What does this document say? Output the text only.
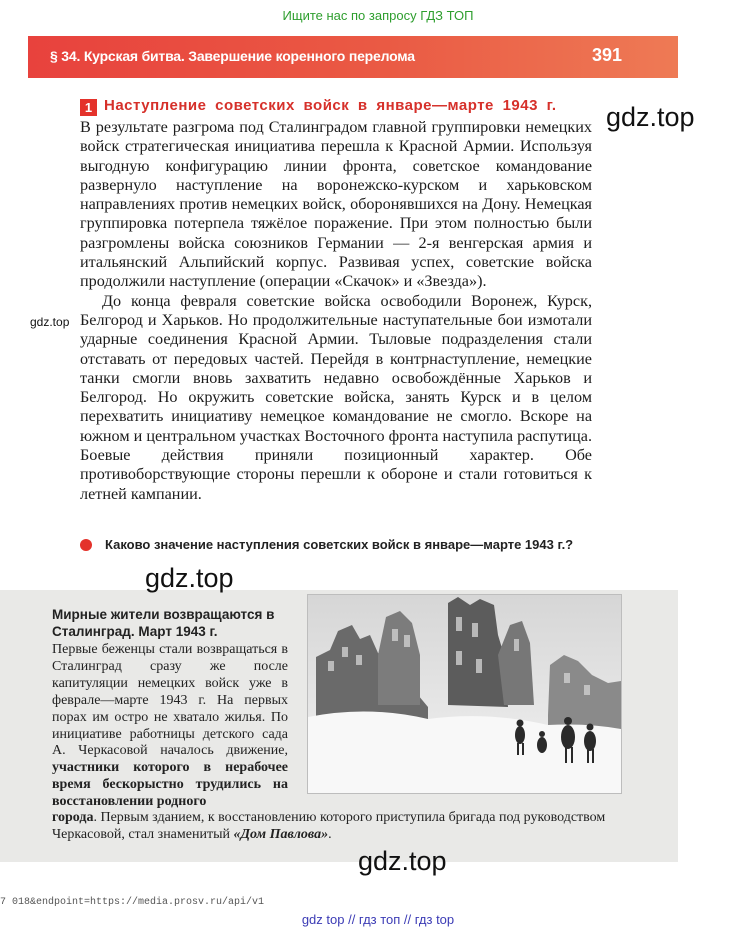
Ищите нас по запросу ГДЗ ТОП
§ 34. Курская битва. Завершение коренного перелома	391
1 Наступление советских войск в январе—марте 1943 г.

В результате разгрома под Сталинградом главной группировки немецких войск стратегическая инициатива перешла к Красной Армии. Используя выгодную конфигурацию линии фронта, советское командование развернуло наступление на воронежско-курском и харьковском направлениях против немецких войск, оборонявшихся на Дону. Немецкая группировка потерпела тяжёлое поражение. При этом полностью были разгромлены войска союзников Германии — 2-я венгерская армия и итальянский Альпийский корпус. Развивая успех, советские войска продолжили наступление (операции «Скачок» и «Звезда»).

До конца февраля советские войска освободили Воронеж, Курск, Белгород и Харьков. Но продолжительные наступательные бои измотали ударные соединения Красной Армии. Тыловые подразделения стали отставать от передовых частей. Перейдя в контрнаступление, немецкие танки смогли вновь захватить недавно освобождённые Харьков и Белгород. Но окружить советские войска, занять Курск и в целом перехватить инициативу немецкое командование не смогло. Вскоре на южном и центральном участках Восточного фронта наступила распутица. Боевые действия приняли позиционный характер. Обе противоборствующие стороны перешли к обороне и стали готовиться к летней кампании.

gdz.top
gdz.top
Каково значение наступления советских войск в январе—марте 1943 г.?
gdz.top
Мирные жители возвращаются в Сталинград. Март 1943 г.
Первые беженцы стали возвращаться в Сталинград сразу же после капитуляции немецких войск уже в феврале—марте 1943 г. На первых порах им остро не хватало жилья. По инициативе работницы детского сада А. Черкасовой началось движение, участники которого в нерабочее время бескорыстно трудились на восстановлении родного
города. Первым зданием, к восстановлению которого приступила бригада под руководством Черкасовой, стал знаменитый «Дом Павлова».
gdz.top
7 018&endpoint=https://media.prosv.ru/api/v1
gdz top // гдз топ // гдз top
